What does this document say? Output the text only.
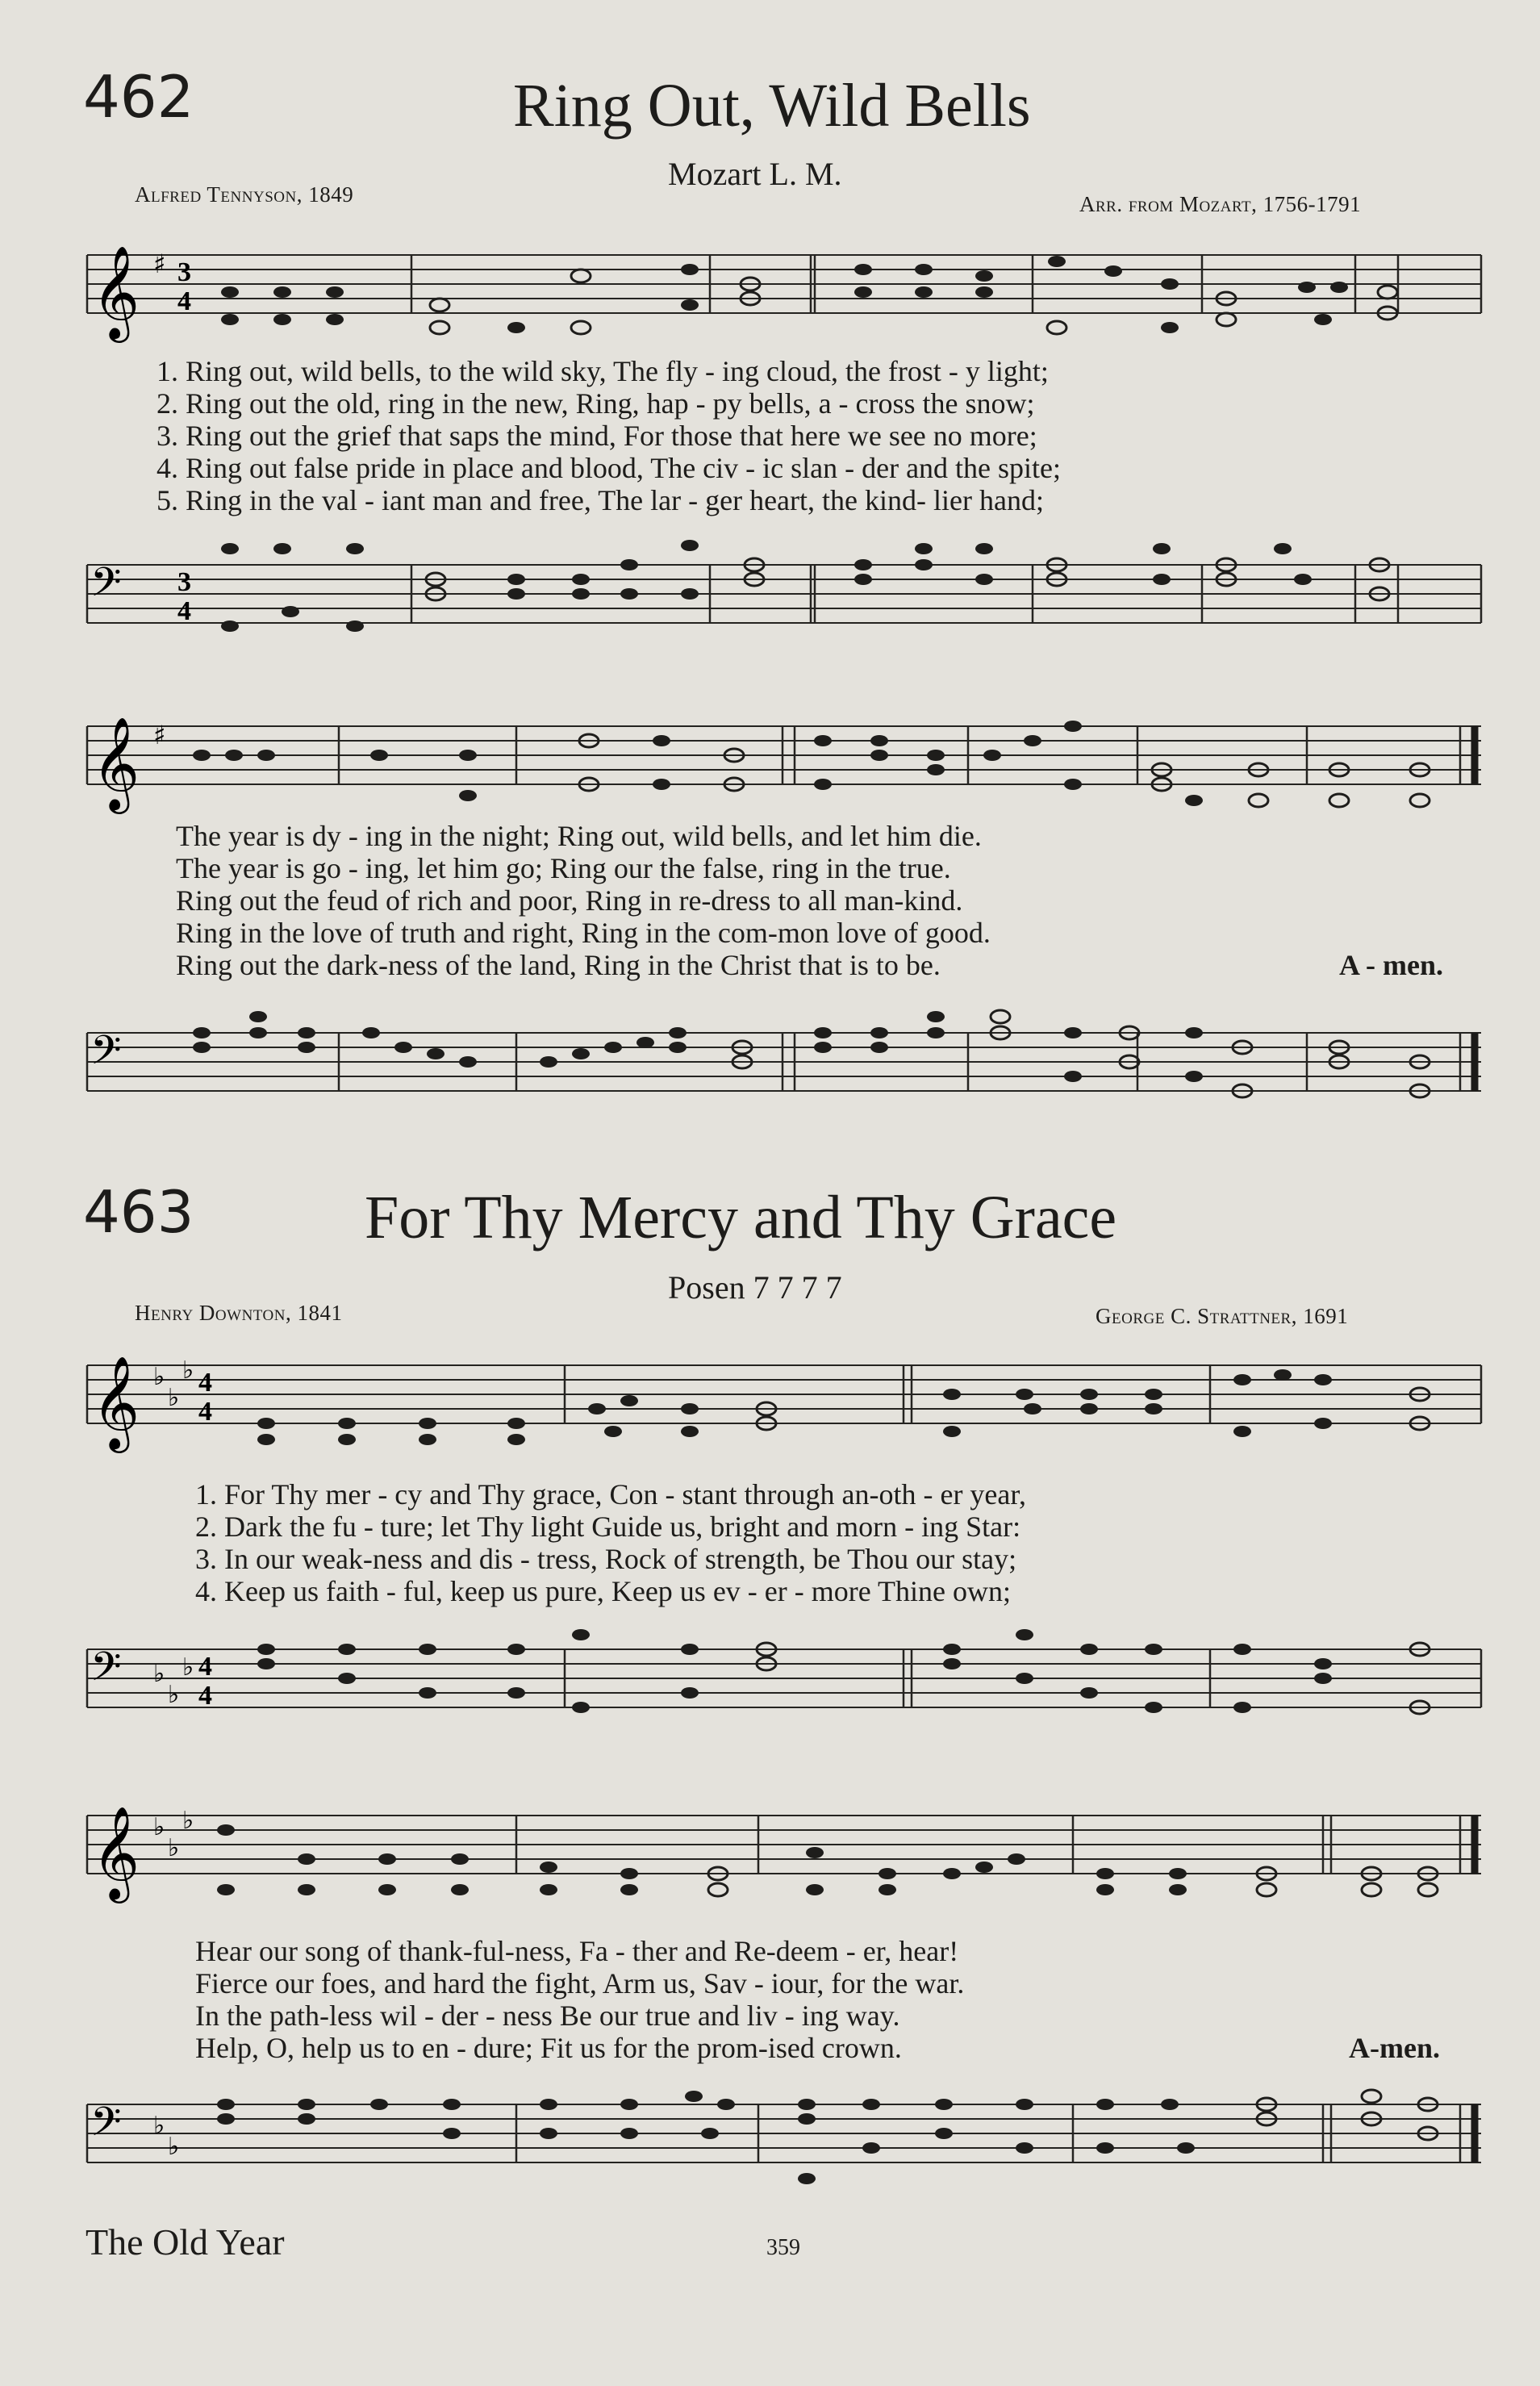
462	Ring Out, Wild Bells
Mozart L. M.
Alfred Tennyson, 1849	Arr. from Mozart, 1756-1791
𝄞 ♯ 3
4
1. Ring out, wild bells, to the wild sky, The fly - ing cloud, the frost - y light;
2. Ring out the old, ring in the new, Ring, hap - py bells, a - cross the snow;
3. Ring out the grief that saps the mind, For those that here we see no more;
4. Ring out false pride in place and blood, The civ - ic slan - der and the spite;
5. Ring in the val - iant man and free, The lar - ger heart, the kind- lier hand;
𝄢 3
4
𝄞 ♯
The year is dy - ing in the night; Ring out, wild bells, and let him die.
The year is go - ing, let him go; Ring our the false, ring in the true.
Ring out the feud of rich and poor, Ring in re-dress to all man-kind.
Ring in the love of truth and right, Ring in the com-mon love of good.
Ring out the dark-ness of the land, Ring in the Christ that is to be.	A - men.
𝄢
463	For Thy Mercy and Thy Grace
Posen 7 7 7 7
Henry Downton, 1841	George C. Strattner, 1691
𝄞 ♭
♭
♭ 4
4
1. For Thy mer - cy and Thy grace, Con - stant through an-oth - er year,
2. Dark the fu - ture; let Thy light Guide us, bright and morn - ing Star:
3. In our weak-ness and dis - tress, Rock of strength, be Thou our stay;
4. Keep us faith - ful, keep us pure, Keep us ev - er - more Thine own;
𝄢 ♭
♭
♭ 4
4
𝄞 ♭
♭
♭
Hear our song of thank-ful-ness, Fa - ther and Re-deem - er, hear!
Fierce our foes, and hard the fight, Arm us, Sav - iour, for the war.
In the path-less wil - der - ness Be our true and liv - ing way.
Help, O, help us to en - dure; Fit us for the prom-ised crown.	A-men.
𝄢 ♭
♭
The Old Year	359
